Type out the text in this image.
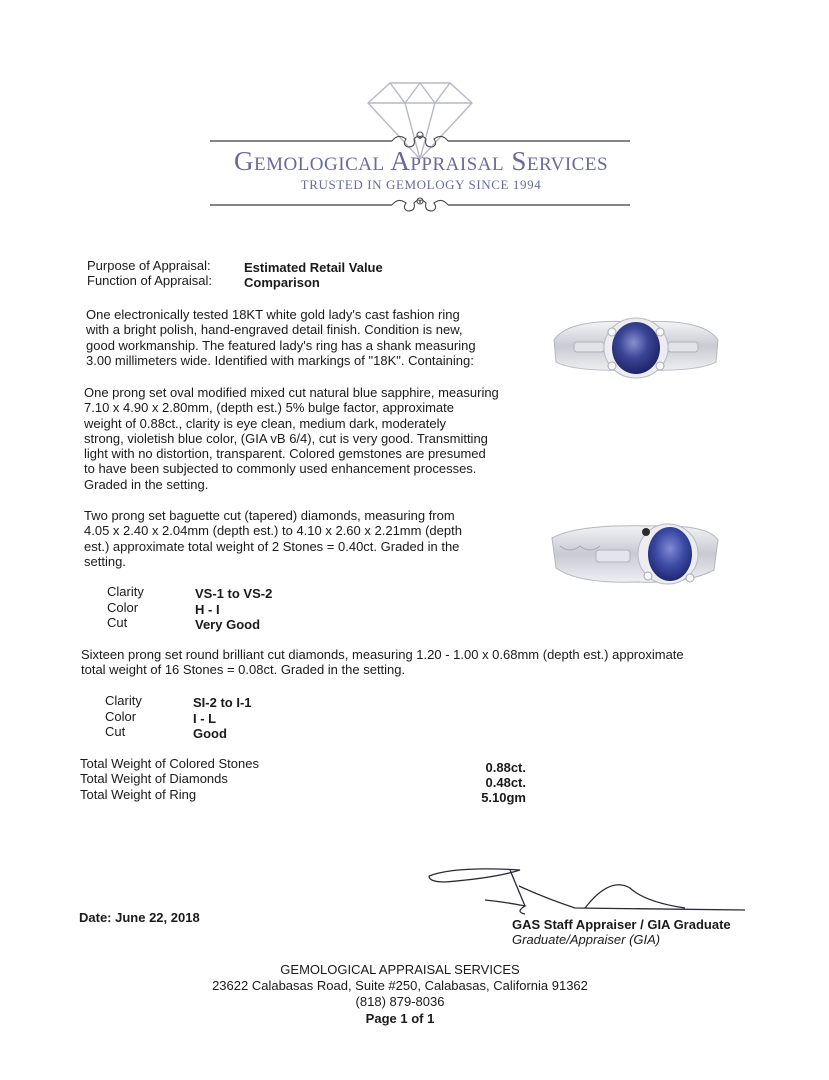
Gemological Appraisal Services
TRUSTED IN GEMOLOGY SINCE 1994
Purpose of Appraisal:	Estimated Retail Value
Function of Appraisal: Comparison
One electronically tested 18KT white gold lady's cast fashion ring
with a bright polish, hand-engraved detail finish. Condition is new,
good workmanship. The featured lady's ring has a shank measuring
3.00 millimeters wide. Identified with markings of "18K". Containing:
One prong set oval modified mixed cut natural blue sapphire, measuring
7.10 x 4.90 x 2.80mm, (depth est.) 5% bulge factor, approximate
weight of 0.88ct., clarity is eye clean, medium dark, moderately
strong, violetish blue color, (GIA vB 6/4), cut is very good. Transmitting
light with no distortion, transparent. Colored gemstones are presumed
to have been subjected to commonly used enhancement processes.
Graded in the setting.
Two prong set baguette cut (tapered) diamonds, measuring from
4.05 x 2.40 x 2.04mm (depth est.) to 4.10 x 2.60 x 2.21mm (depth
est.) approximate total weight of 2 Stones = 0.40ct. Graded in the
setting.
Clarity	VS-1 to VS-2
Color	H - I
Cut	Very Good
Sixteen prong set round brilliant cut diamonds, measuring 1.20 - 1.00 x 0.68mm (depth est.) approximate
total weight of 16 Stones = 0.08ct. Graded in the setting.
Clarity	SI-2 to I-1
Color	I - L
Cut	Good
Total Weight of Colored Stones	0.88ct.
Total Weight of Diamonds	0.48ct.
Total Weight of Ring	5.10gm
GAS Staff Appraiser / GIA Graduate
Graduate/Appraiser (GIA)
Date: June 22, 2018
GEMOLOGICAL APPRAISAL SERVICES
23622 Calabasas Road, Suite #250, Calabasas, California 91362
(818) 879-8036
Page 1 of 1
